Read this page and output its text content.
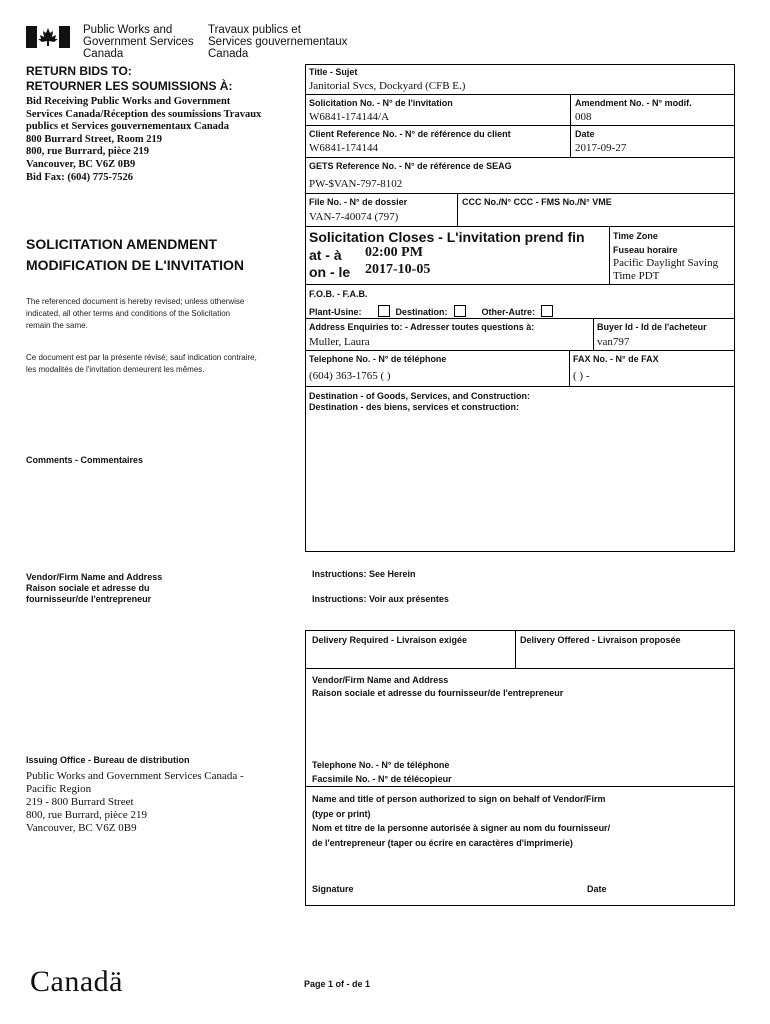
Public Works and
Government Services
Canada
Travaux publics et
Services gouvernementaux
Canada
RETURN BIDS TO:
RETOURNER LES SOUMISSIONS À:
Bid Receiving Public Works and Government
Services Canada/Réception des soumissions Travaux
publics et Services gouvernementaux Canada
800 Burrard Street, Room 219
800, rue Burrard, pièce 219
Vancouver, BC V6Z 0B9
Bid Fax: (604) 775-7526
SOLICITATION AMENDMENT
MODIFICATION DE L'INVITATION
The referenced document is hereby revised; unless otherwise
indicated, all other terms and conditions of the Solicitation
remain the same.
Ce document est par la présente révisé; sauf indication contraire,
les modalités de l'invitation demeurent les mêmes.
Comments - Commentaires
Vendor/Firm Name and Address
Raison sociale et adresse du
fournisseur/de l'entrepreneur
Issuing Office - Bureau de distribution
Public Works and Government Services Canada -
Pacific Region
219 - 800 Burrard Street
800, rue Burrard, pièce 219
Vancouver, BC V6Z 0B9
Title - Sujet
Janitorial Svcs, Dockyard (CFB E.)
Solicitation No. - N° de l'invitation
W6841-174144/A
Amendment No. - N° modif.
008
Client Reference No. - N° de référence du client
W6841-174144
Date
2017-09-27
GETS Reference No. - N° de référence de SEAG
PW-$VAN-797-8102
File No. - N° de dossier
VAN-7-40074 (797)
CCC No./N° CCC - FMS No./N° VME
Solicitation Closes - L'invitation prend fin
at - à 02:00 PM
on - le 2017-10-05
Time Zone
Fuseau horaire
Pacific Daylight Saving
Time PDT
F.O.B. - F.A.B.
Plant-Usine:	Destination:	Other-Autre:
Address Enquiries to: - Adresser toutes questions à:
Muller, Laura
Buyer Id - Id de l'acheteur
van797
Telephone No. - N° de téléphone
(604) 363-1765 ( )
FAX No. - N° de FAX
( ) -
Destination - of Goods, Services, and Construction:
Destination - des biens, services et construction:
Instructions: See Herein
Instructions: Voir aux présentes
Delivery Required - Livraison exigée	Delivery Offered - Livraison proposée
Vendor/Firm Name and Address
Raison sociale et adresse du fournisseur/de l'entrepreneur
Telephone No. - N° de téléphone
Facsimile No. - N° de télécopieur
Name and title of person authorized to sign on behalf of Vendor/Firm
(type or print)
Nom et titre de la personne autorisée à signer au nom du fournisseur/
de l'entrepreneur (taper ou écrire en caractères d'imprimerie)
Signature	Date
Canadä	Page 1 of - de 1
